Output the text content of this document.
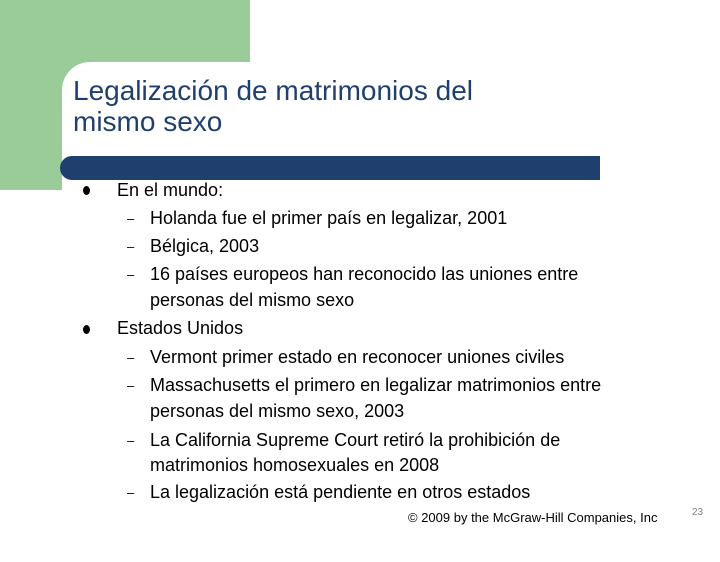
Legalización de matrimonios del
mismo sexo
En el mundo:
– Holanda fue el primer país en legalizar, 2001
– Bélgica, 2003
– 16 países europeos han reconocido las uniones entre
personas del mismo sexo
Estados Unidos
– Vermont primer estado en reconocer uniones civiles
– Massachusetts el primero en legalizar matrimonios entre
personas del mismo sexo, 2003
– La California Supreme Court retiró la prohibición de
matrimonios homosexuales en 2008
– La legalización está pendiente en otros estados
© 2009 by the McGraw-Hill Companies, Inc	23
